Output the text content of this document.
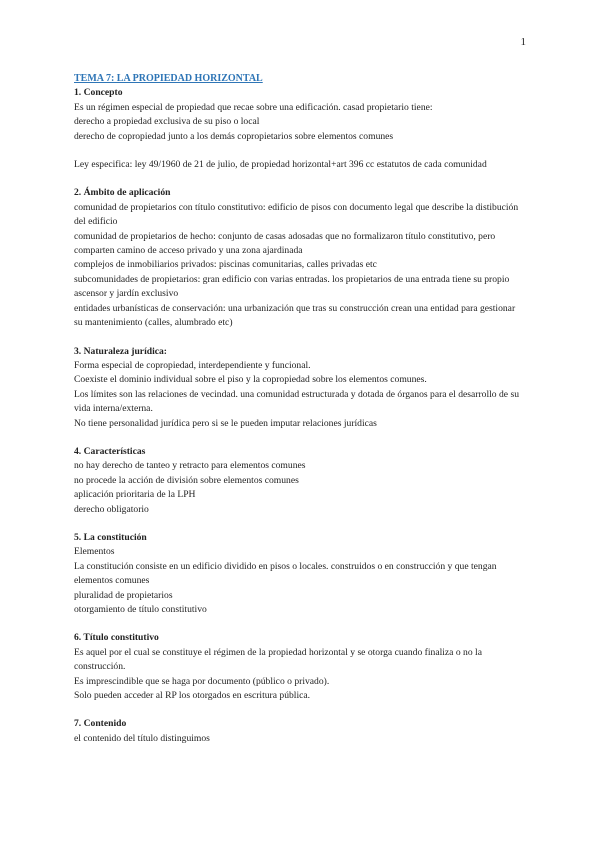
1

TEMA 7: LA PROPIEDAD HORIZONTAL

1. Concepto

Es un régimen especial de propiedad que recae sobre una edificación. casad propietario tiene:

derecho a propiedad exclusiva de su piso o local

derecho de copropiedad junto a los demás copropietarios sobre elementos comunes

Ley especifica: ley 49/1960 de 21 de julio, de propiedad horizontal+art 396 cc estatutos de cada comunidad

2. Ámbito de aplicación

comunidad de propietarios con título constitutivo: edificio de pisos con documento legal que describe la distibución del edificio

comunidad de propietarios de hecho: conjunto de casas adosadas que no formalizaron título constitutivo, pero comparten camino de acceso privado y una zona ajardinada

complejos de inmobiliarios privados: piscinas comunitarias, calles privadas etc

subcomunidades de propietarios: gran edificio con varias entradas. los propietarios de una entrada tiene su propio ascensor y jardín exclusivo

entidades urbanísticas de conservación: una urbanización que tras su construcción crean una entidad para gestionar su mantenimiento (calles, alumbrado etc)

3. Naturaleza jurídica:

Forma especial de copropiedad, interdependiente y funcional.

Coexiste el dominio individual sobre el piso y la copropiedad sobre los elementos comunes.

Los límites son las relaciones de vecindad. una comunidad estructurada y dotada de órganos para el desarrollo de su vida interna/externa.

No tiene personalidad jurídica pero si se le pueden imputar relaciones jurídicas

4. Características

no hay derecho de tanteo y retracto para elementos comunes

no procede la acción de división sobre elementos comunes

aplicación prioritaria de la LPH

derecho obligatorio

5. La constitución

Elementos

La constitución consiste en un edificio dividido en pisos o locales. construidos o en construcción y que tengan elementos comunes

pluralidad de propietarios

otorgamiento de título constitutivo

6. Título constitutivo

Es aquel por el cual se constituye el régimen de la propiedad horizontal y se otorga cuando finaliza o no la construcción.

Es imprescindible que se haga por documento (público o privado).

Solo pueden acceder al RP los otorgados en escritura pública.

7. Contenido

el contenido del título distinguimos
